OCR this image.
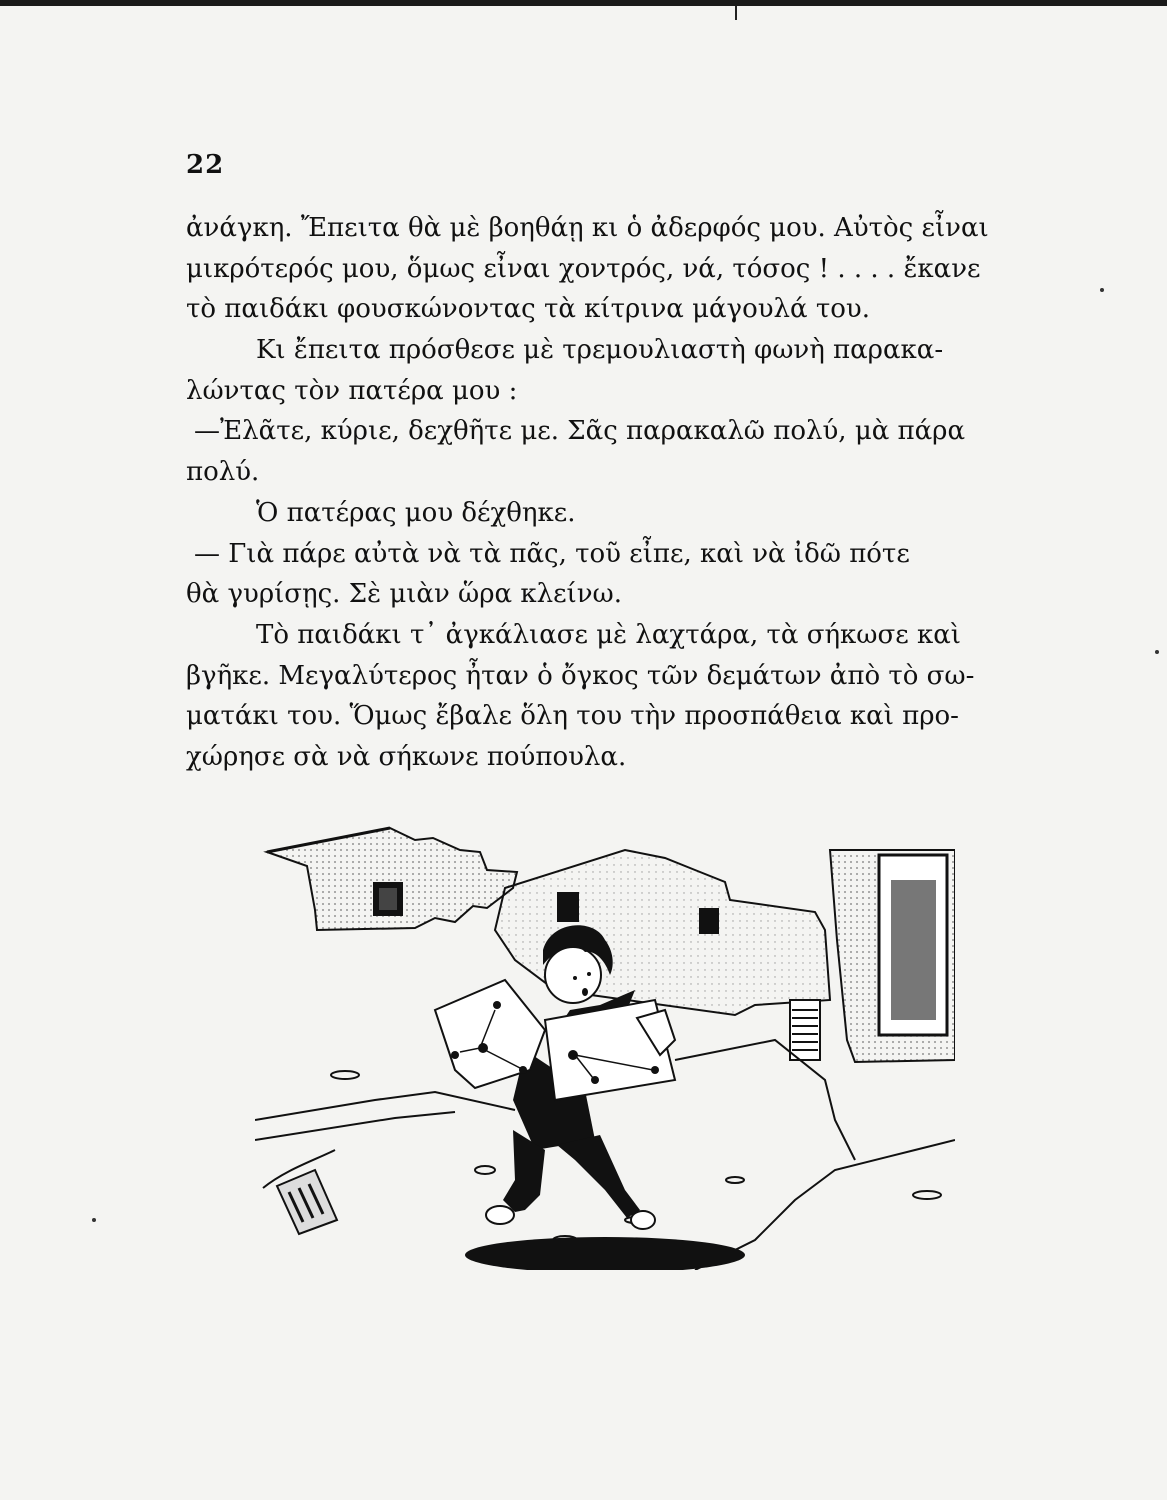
22
ἀνάγκη. Ἔπειτα θὰ μὲ βοηθάῃ κι ὁ ἀδερφός μου. Αὐτὸς εἶναι
μικρότερός μου, ὅμως εἶναι χοντρός, νά, τόσος ! . . . . ἔκανε
τὸ παιδάκι φουσκώνοντας τὰ κίτρινα μάγουλά του.
Κι ἔπειτα πρόσθεσε μὲ τρεμουλιαστὴ φωνὴ παρακα-
λώντας τὸν πατέρα μου :
—Ἐλᾶτε, κύριε, δεχθῆτε με. Σᾶς παρακαλῶ πολύ, μὰ πάρα
πολύ.
Ὁ πατέρας μου δέχθηκε.
— Γιὰ πάρε αὐτὰ νὰ τὰ πᾶς, τοῦ εἶπε, καὶ νὰ ἰδῶ πότε
θὰ γυρίσῃς. Σὲ μιὰν ὥρα κλείνω.
Τὸ παιδάκι τ᾽ ἀγκάλιασε μὲ λαχτάρα, τὰ σήκωσε καὶ
βγῆκε. Μεγαλύτερος ἦταν ὁ ὄγκος τῶν δεμάτων ἀπὸ τὸ σω-
ματάκι του. Ὅμως ἔβαλε ὅλη του τὴν προσπάθεια καὶ προ-
χώρησε σὰ νὰ σήκωνε πούπουλα.
